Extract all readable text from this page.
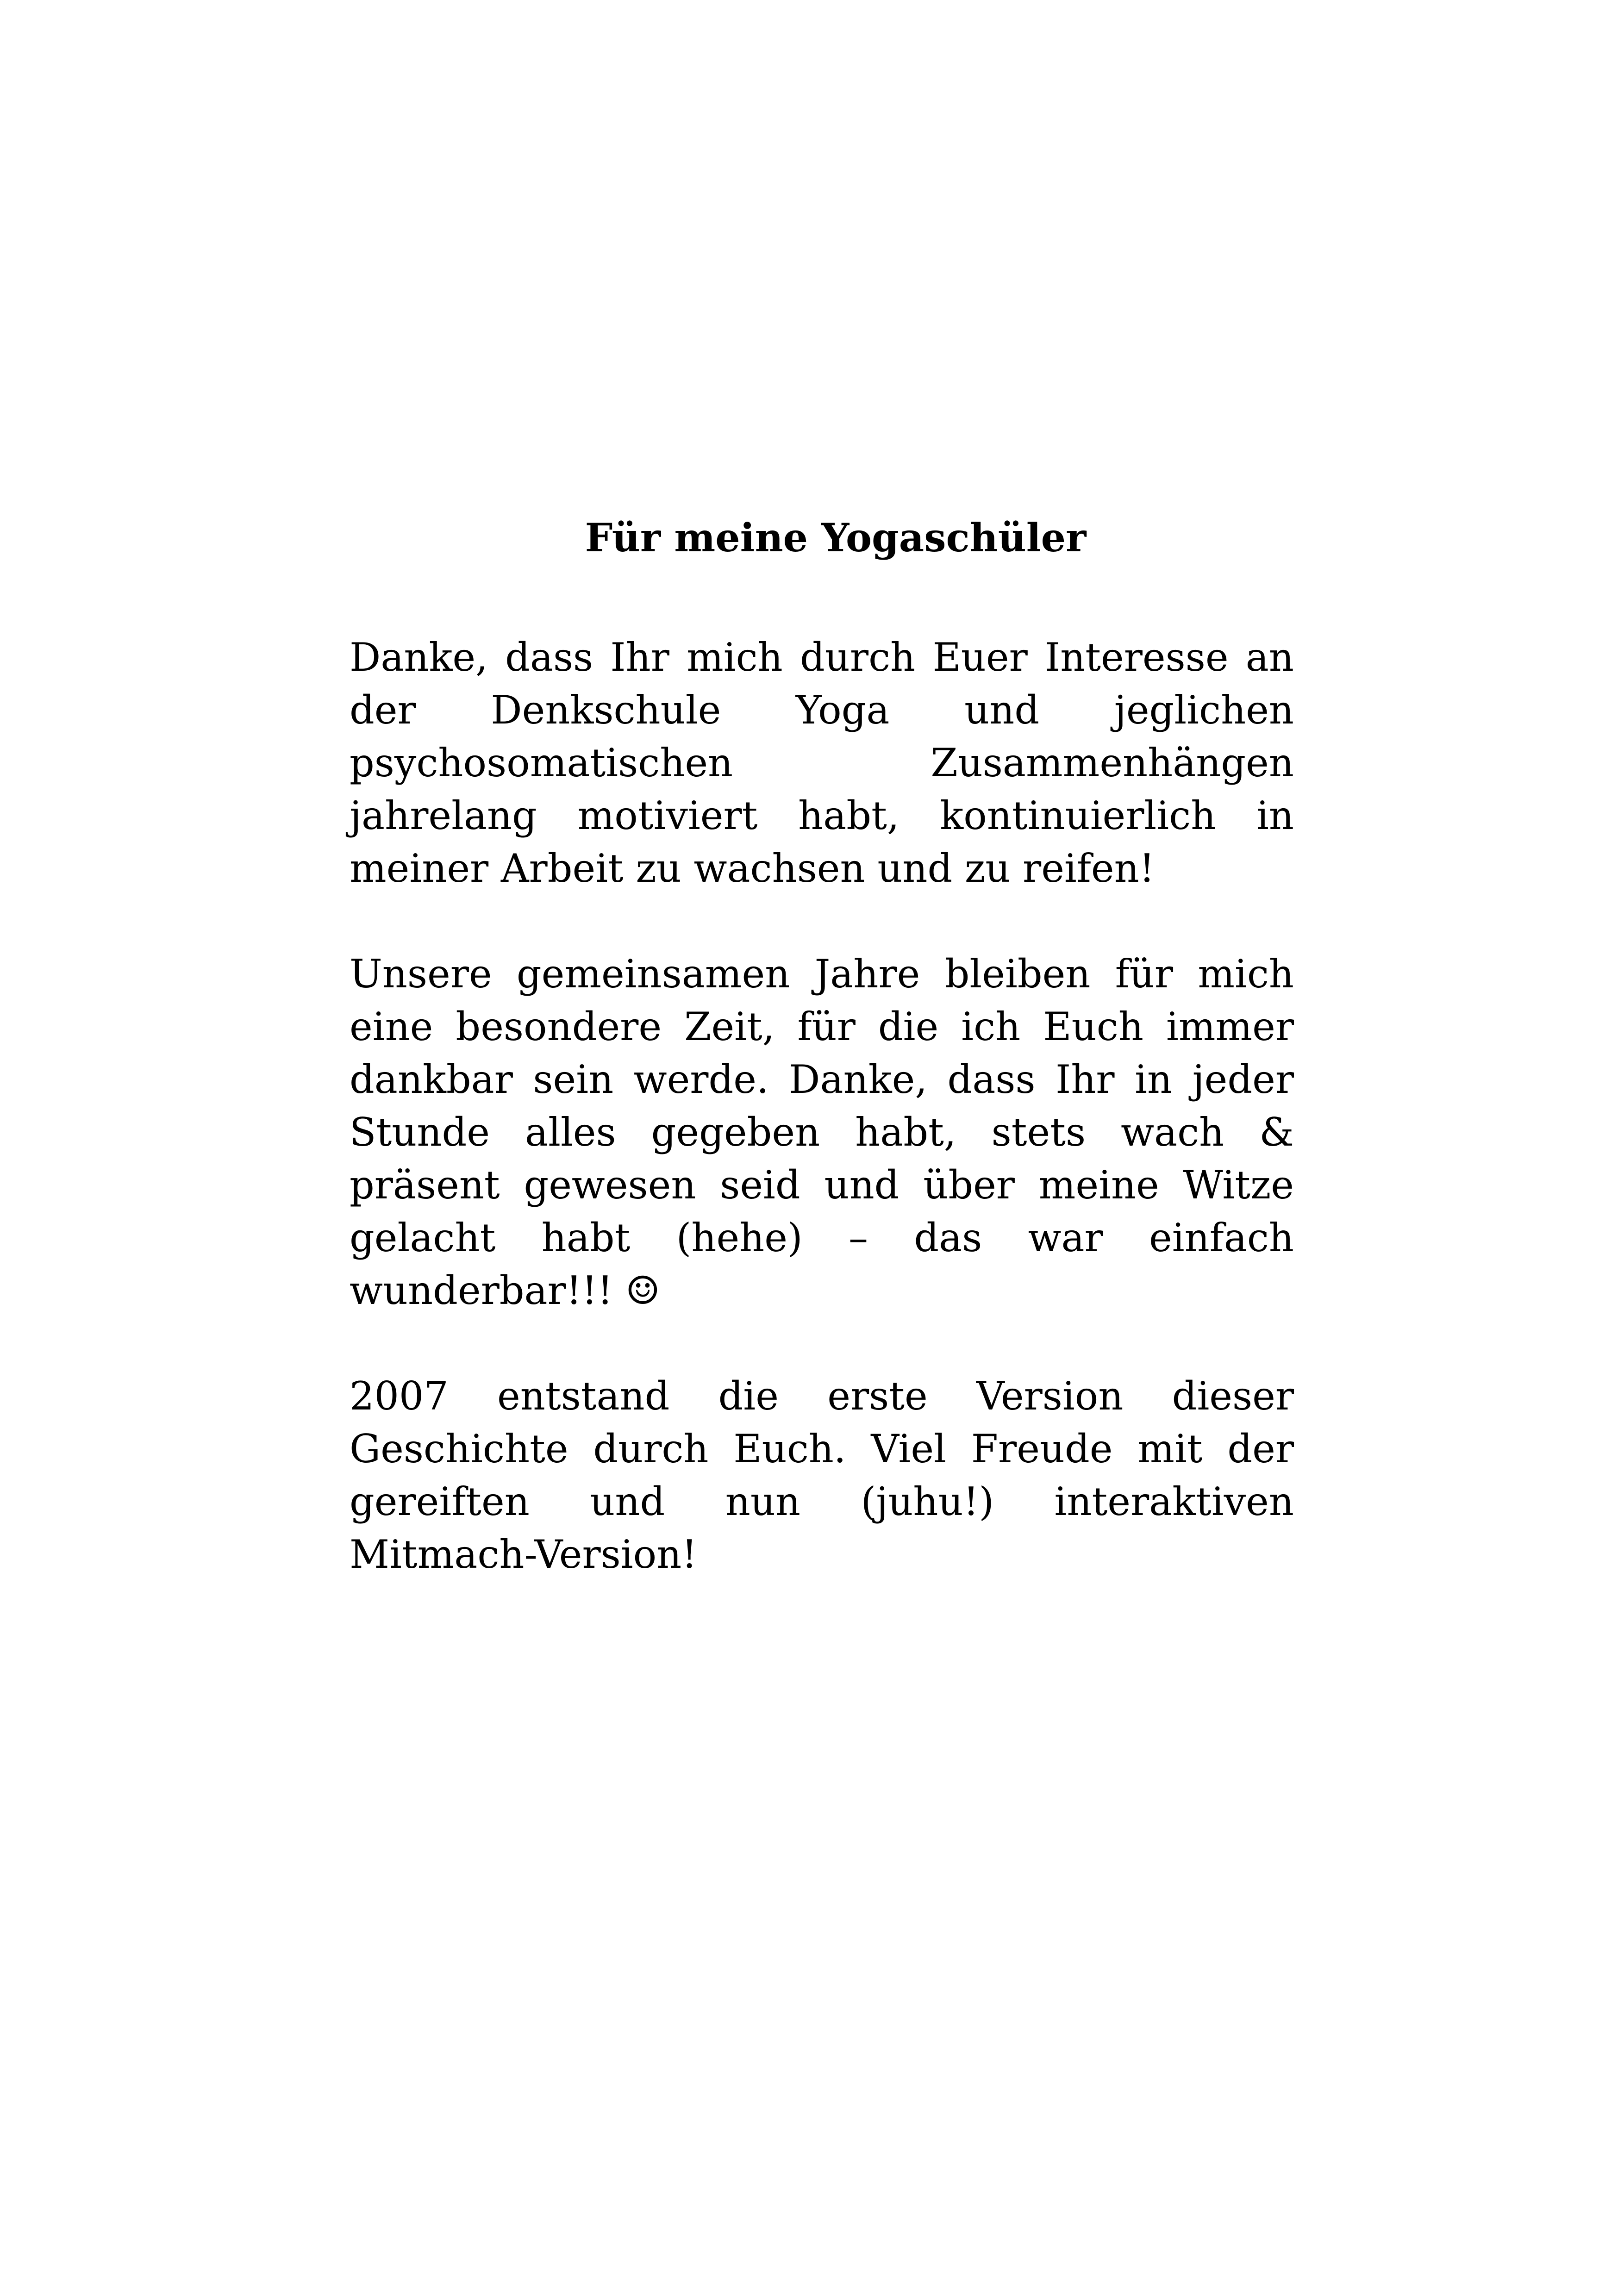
Für meine Yogaschüler

Danke, dass Ihr mich durch Euer Interesse an der Denkschule Yoga und jeglichen psychosomatischen Zusammenhängen jahrelang motiviert habt, kontinuierlich in meiner Arbeit zu wachsen und zu reifen!

Unsere gemeinsamen Jahre bleiben für mich eine besondere Zeit, für die ich Euch immer dankbar sein werde. Danke, dass Ihr in jeder Stunde alles gegeben habt, stets wach & präsent gewesen seid und über meine Witze gelacht habt (hehe) – das war einfach wunderbar!!! ☺

2007 entstand die erste Version dieser Geschichte durch Euch. Viel Freude mit der gereiften und nun (juhu!) interaktiven Mitmach-Version!
